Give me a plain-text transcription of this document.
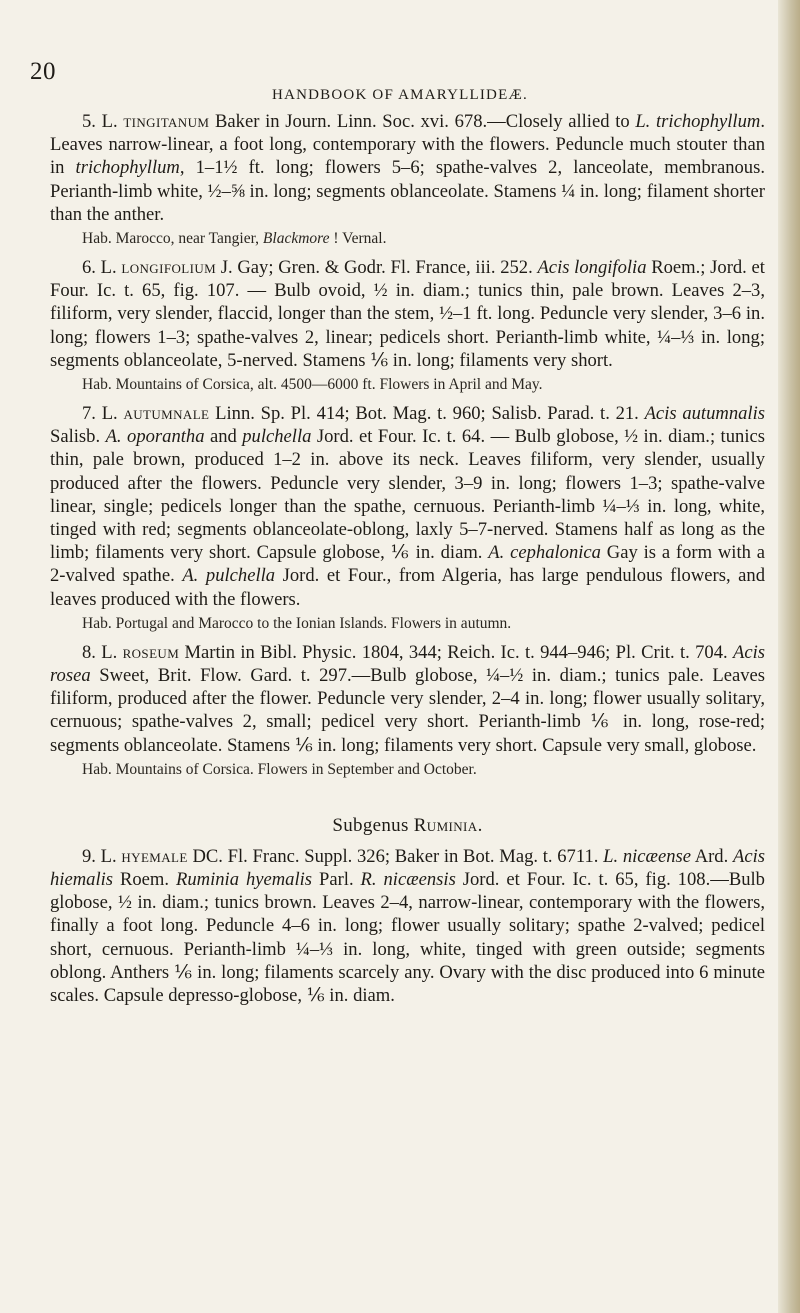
20
HANDBOOK OF AMARYLLIDEÆ.

5. L. tingitanum Baker in Journ. Linn. Soc. xvi. 678.—Closely allied to L. trichophyllum. Leaves narrow-linear, a foot long, contemporary with the flowers. Peduncle much stouter than in trichophyllum, 1–1½ ft. long; flowers 5–6; spathe-valves 2, lanceolate, membranous. Perianth-limb white, ½–⅝ in. long; segments oblanceolate. Stamens ¼ in. long; filament shorter than the anther.

Hab. Marocco, near Tangier, Blackmore ! Vernal.

6. L. longifolium J. Gay; Gren. & Godr. Fl. France, iii. 252. Acis longifolia Roem.; Jord. et Four. Ic. t. 65, fig. 107. — Bulb ovoid, ½ in. diam.; tunics thin, pale brown. Leaves 2–3, filiform, very slender, flaccid, longer than the stem, ½–1 ft. long. Peduncle very slender, 3–6 in. long; flowers 1–3; spathe-valves 2, linear; pedicels short. Perianth-limb white, ¼–⅓ in. long; segments oblanceolate, 5-nerved. Stamens ⅙ in. long; filaments very short.

Hab. Mountains of Corsica, alt. 4500—6000 ft. Flowers in April and May.

7. L. autumnale Linn. Sp. Pl. 414; Bot. Mag. t. 960; Salisb. Parad. t. 21. Acis autumnalis Salisb. A. oporantha and pulchella Jord. et Four. Ic. t. 64. — Bulb globose, ½ in. diam.; tunics thin, pale brown, produced 1–2 in. above its neck. Leaves filiform, very slender, usually produced after the flowers. Peduncle very slender, 3–9 in. long; flowers 1–3; spathe-valve linear, single; pedicels longer than the spathe, cernuous. Perianth-limb ¼–⅓ in. long, white, tinged with red; segments oblanceolate-oblong, laxly 5–7-nerved. Stamens half as long as the limb; filaments very short. Capsule globose, ⅙ in. diam. A. cephalonica Gay is a form with a 2-valved spathe. A. pulchella Jord. et Four., from Algeria, has large pendulous flowers, and leaves produced with the flowers.

Hab. Portugal and Marocco to the Ionian Islands. Flowers in autumn.

8. L. roseum Martin in Bibl. Physic. 1804, 344; Reich. Ic. t. 944–946; Pl. Crit. t. 704. Acis rosea Sweet, Brit. Flow. Gard. t. 297.—Bulb globose, ¼–½ in. diam.; tunics pale. Leaves filiform, produced after the flower. Peduncle very slender, 2–4 in. long; flower usually solitary, cernuous; spathe-valves 2, small; pedicel very short. Perianth-limb ⅙ in. long, rose-red; segments oblanceolate. Stamens ⅙ in. long; filaments very short. Capsule very small, globose.

Hab. Mountains of Corsica. Flowers in September and October.

Subgenus Ruminia.

9. L. hyemale DC. Fl. Franc. Suppl. 326; Baker in Bot. Mag. t. 6711. L. nicæense Ard. Acis hiemalis Roem. Ruminia hyemalis Parl. R. nicæensis Jord. et Four. Ic. t. 65, fig. 108.—Bulb globose, ½ in. diam.; tunics brown. Leaves 2–4, narrow-linear, contemporary with the flowers, finally a foot long. Peduncle 4–6 in. long; flower usually solitary; spathe 2-valved; pedicel short, cernuous. Perianth-limb ¼–⅓ in. long, white, tinged with green outside; segments oblong. Anthers ⅙ in. long; filaments scarcely any. Ovary with the disc produced into 6 minute scales. Capsule depresso-globose, ⅙ in. diam.
